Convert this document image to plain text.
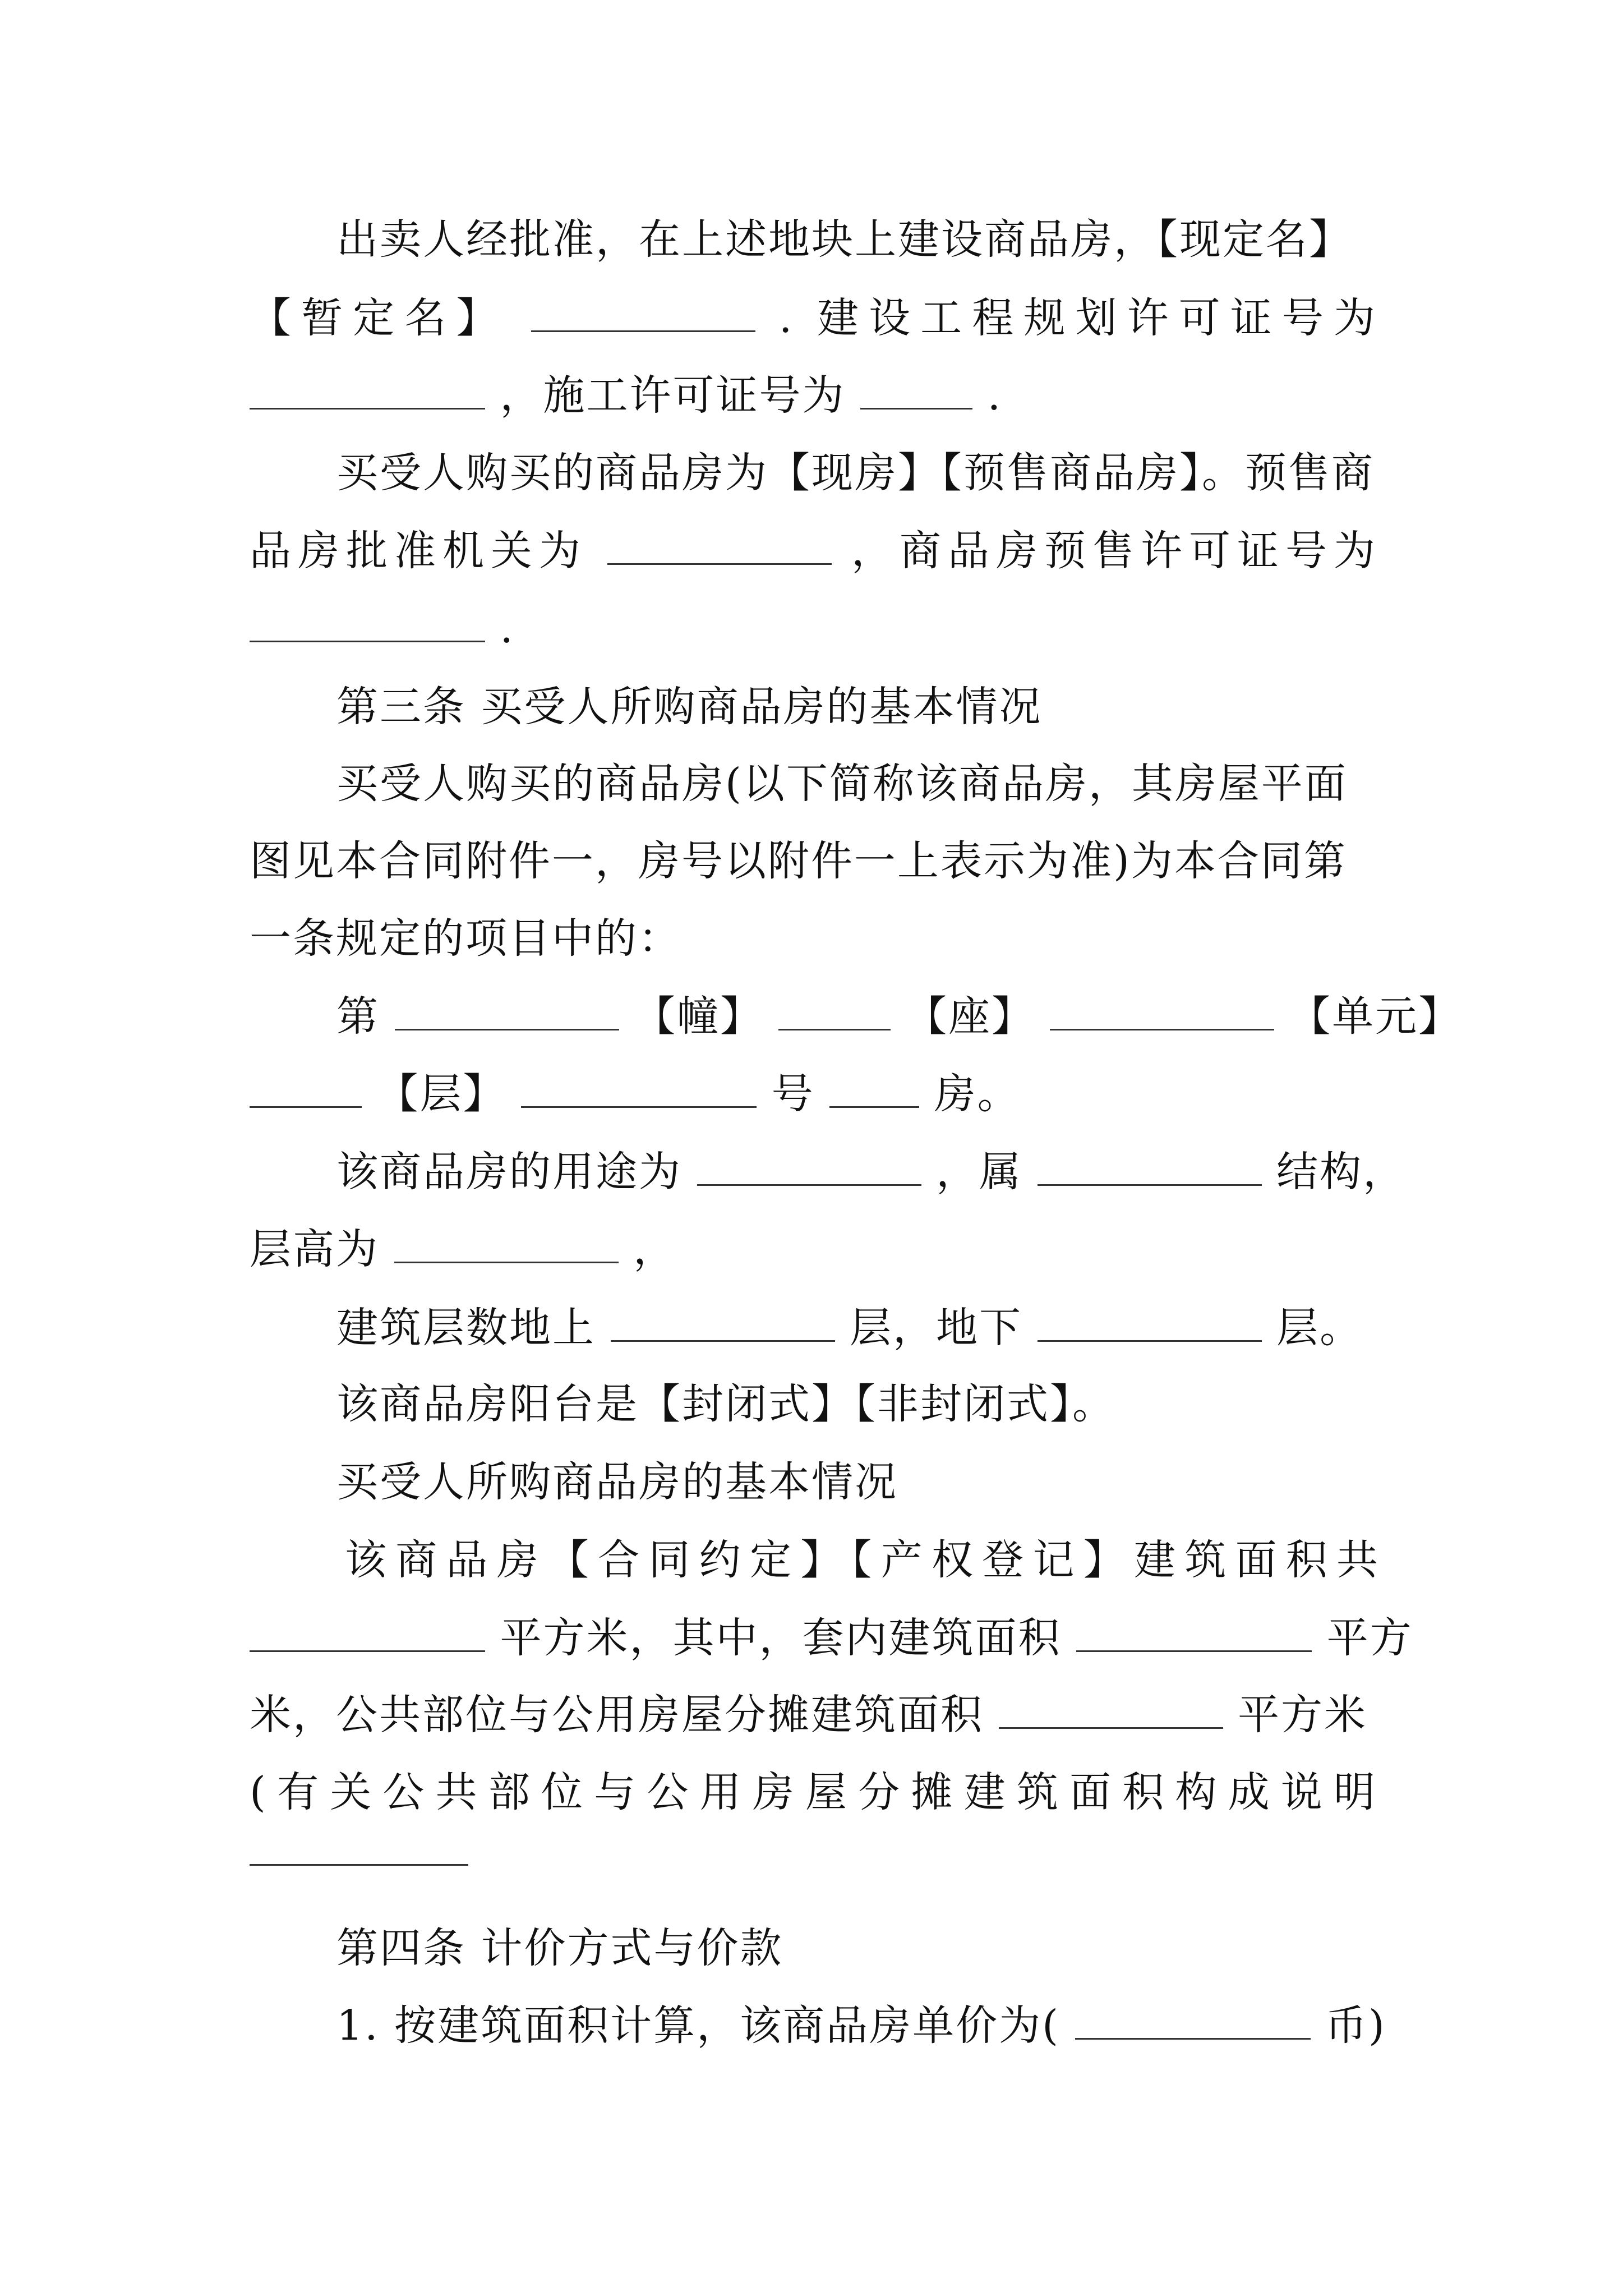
出卖人经批准，在上述地块上建设商品房，【现定名】
【暂定名】	. 建设工程规划许可证号为
，施工许可证号为	.
买受人购买的商品房为【现房】【预售商品房】。预售商
品房批准机关为	，商品房预售许可证号为
.
第三条 买受人所购商品房的基本情况
买受人购买的商品房(以下简称该商品房，其房屋平面
图见本合同附件一，房号以附件一上表示为准)为本合同第
一条规定的项目中的：
第	【幢】	【座】	【单元】
【层】	号	房。
该商品房的用途为	，属	结构，
层高为	，
建筑层数地上	层，地下	层。
该商品房阳台是【封闭式】【非封闭式】。
买受人所购商品房的基本情况
该商品房【合同约定】【产权登记】建筑面积共
平方米，其中，套内建筑面积	平方
米，公共部位与公用房屋分摊建筑面积	平方米
(有关公共部位与公用房屋分摊建筑面积构成说明
第四条 计价方式与价款
1. 按建筑面积计算，该商品房单价为(	币)
